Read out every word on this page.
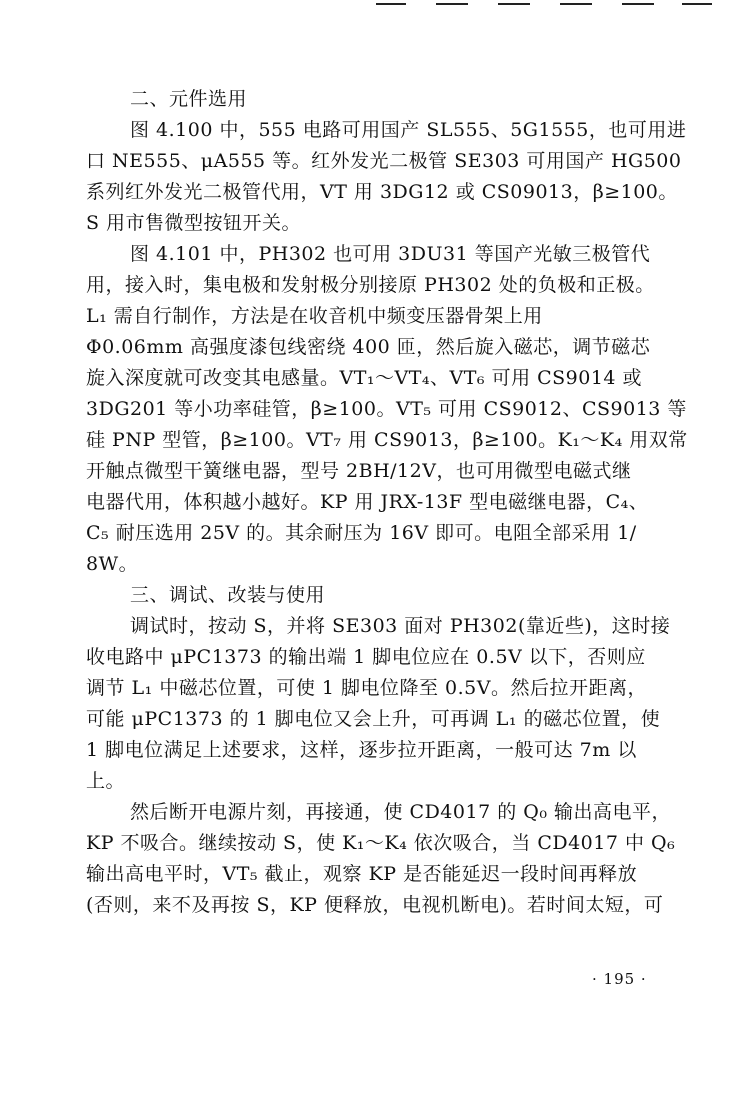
二、元件选用
图 4.100 中，555 电路可用国产 SL555、5G1555，也可用进
口 NE555、μA555 等。红外发光二极管 SE303 可用国产 HG500
系列红外发光二极管代用，VT 用 3DG12 或 CS09013，β≥100。
S 用市售微型按钮开关。
图 4.101 中，PH302 也可用 3DU31 等国产光敏三极管代
用，接入时，集电极和发射极分别接原 PH302 处的负极和正极。
L₁ 需自行制作，方法是在收音机中频变压器骨架上用
Φ0.06mm 高强度漆包线密绕 400 匝，然后旋入磁芯，调节磁芯
旋入深度就可改变其电感量。VT₁～VT₄、VT₆ 可用 CS9014 或
3DG201 等小功率硅管，β≥100。VT₅ 可用 CS9012、CS9013 等
硅 PNP 型管，β≥100。VT₇ 用 CS9013，β≥100。K₁～K₄ 用双常
开触点微型干簧继电器，型号 2BH/12V，也可用微型电磁式继
电器代用，体积越小越好。KP 用 JRX-13F 型电磁继电器，C₄、
C₅ 耐压选用 25V 的。其余耐压为 16V 即可。电阻全部采用 1/
8W。
三、调试、改装与使用
调试时，按动 S，并将 SE303 面对 PH302(靠近些)，这时接
收电路中 μPC1373 的输出端 1 脚电位应在 0.5V 以下，否则应
调节 L₁ 中磁芯位置，可使 1 脚电位降至 0.5V。然后拉开距离，
可能 μPC1373 的 1 脚电位又会上升，可再调 L₁ 的磁芯位置，使
1 脚电位满足上述要求，这样，逐步拉开距离，一般可达 7m 以
上。
然后断开电源片刻，再接通，使 CD4017 的 Q₀ 输出高电平，
KP 不吸合。继续按动 S，使 K₁～K₄ 依次吸合，当 CD4017 中 Q₆
输出高电平时，VT₅ 截止，观察 KP 是否能延迟一段时间再释放
(否则，来不及再按 S，KP 便释放，电视机断电)。若时间太短，可
· 195 ·
